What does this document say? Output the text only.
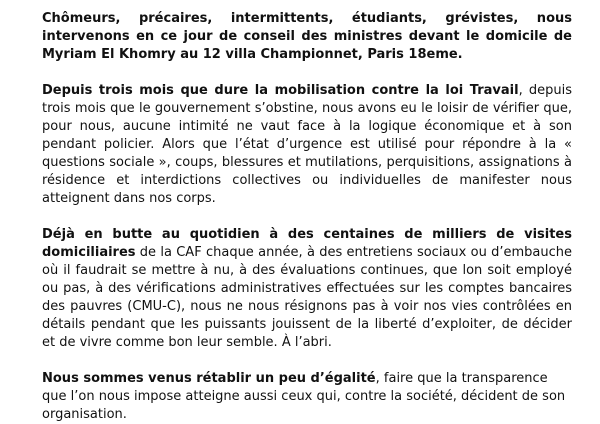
Chômeurs, précaires, intermittents, étudiants, grévistes, nous intervenons en ce jour de conseil des ministres devant le domicile de Myriam El Khomry au 12 villa Championnet, Paris 18eme.

Depuis trois mois que dure la mobilisation contre la loi Travail, depuis trois mois que le gouvernement s’obstine, nous avons eu le loisir de vérifier que, pour nous, aucune intimité ne vaut face à la logique économique et à son pendant policier. Alors que l’état d’urgence est utilisé pour répondre à la « questions sociale », coups, blessures et mutilations, perquisitions, assignations à résidence et interdictions collectives ou individuelles de manifester nous atteignent dans nos corps.

Déjà en butte au quotidien à des centaines de milliers de visites domiciliaires de la CAF chaque année, à des entretiens sociaux ou d’embauche où il faudrait se mettre à nu, à des évaluations continues, que lon soit employé ou pas, à des vérifications administratives effectuées sur les comptes bancaires des pauvres (CMU-C), nous ne nous résignons pas à voir nos vies contrôlées en détails pendant que les puissants jouissent de la liberté d’exploiter, de décider et de vivre comme bon leur semble. À l’abri.

Nous sommes venus rétablir un peu d’égalité, faire que la transparence que l’on nous impose atteigne aussi ceux qui, contre la société, décident de son organisation.
